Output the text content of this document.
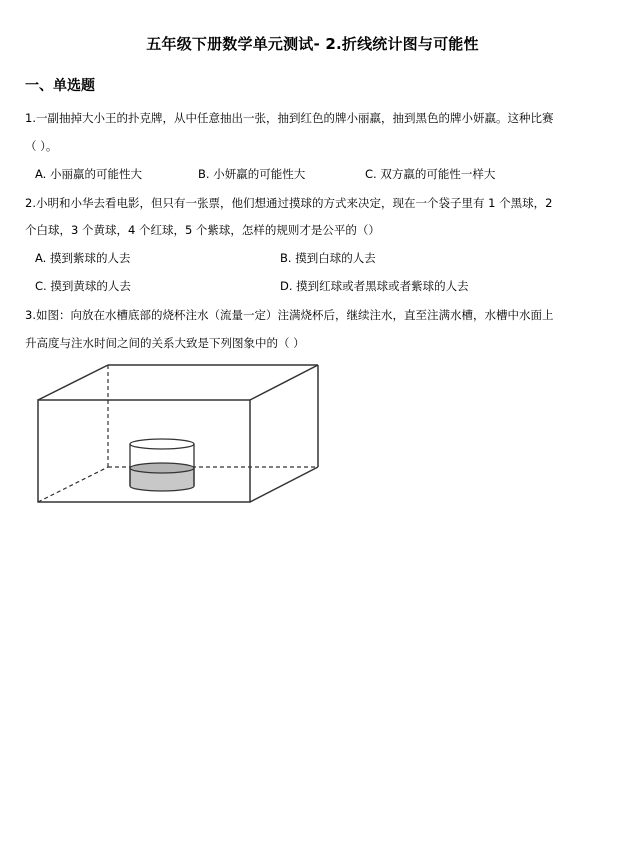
五年级下册数学单元测试- 2.折线统计图与可能性
一、单选题
1.一副抽掉大小王的扑克牌，从中任意抽出一张，抽到红色的牌小丽羸，抽到黑色的牌小妍羸。这种比赛
（ ）。
A. 小丽羸的可能性大	B. 小妍羸的可能性大	C. 双方羸的可能性一样大
2.小明和小华去看电影，但只有一张票，他们想通过摸球的方式来决定，现在一个袋子里有 1 个黑球，2
个白球，3 个黄球，4 个红球，5 个紫球，怎样的规则才是公平的（）
A. 摸到紫球的人去	B. 摸到白球的人去
C. 摸到黄球的人去	D. 摸到红球或者黑球或者紫球的人去
3.如图：向放在水槽底部的烧杯注水（流量一定）注满烧杯后，继续注水，直至注满水槽，水槽中水面上
升高度与注水时间之间的关系大致是下列图象中的（ ）
